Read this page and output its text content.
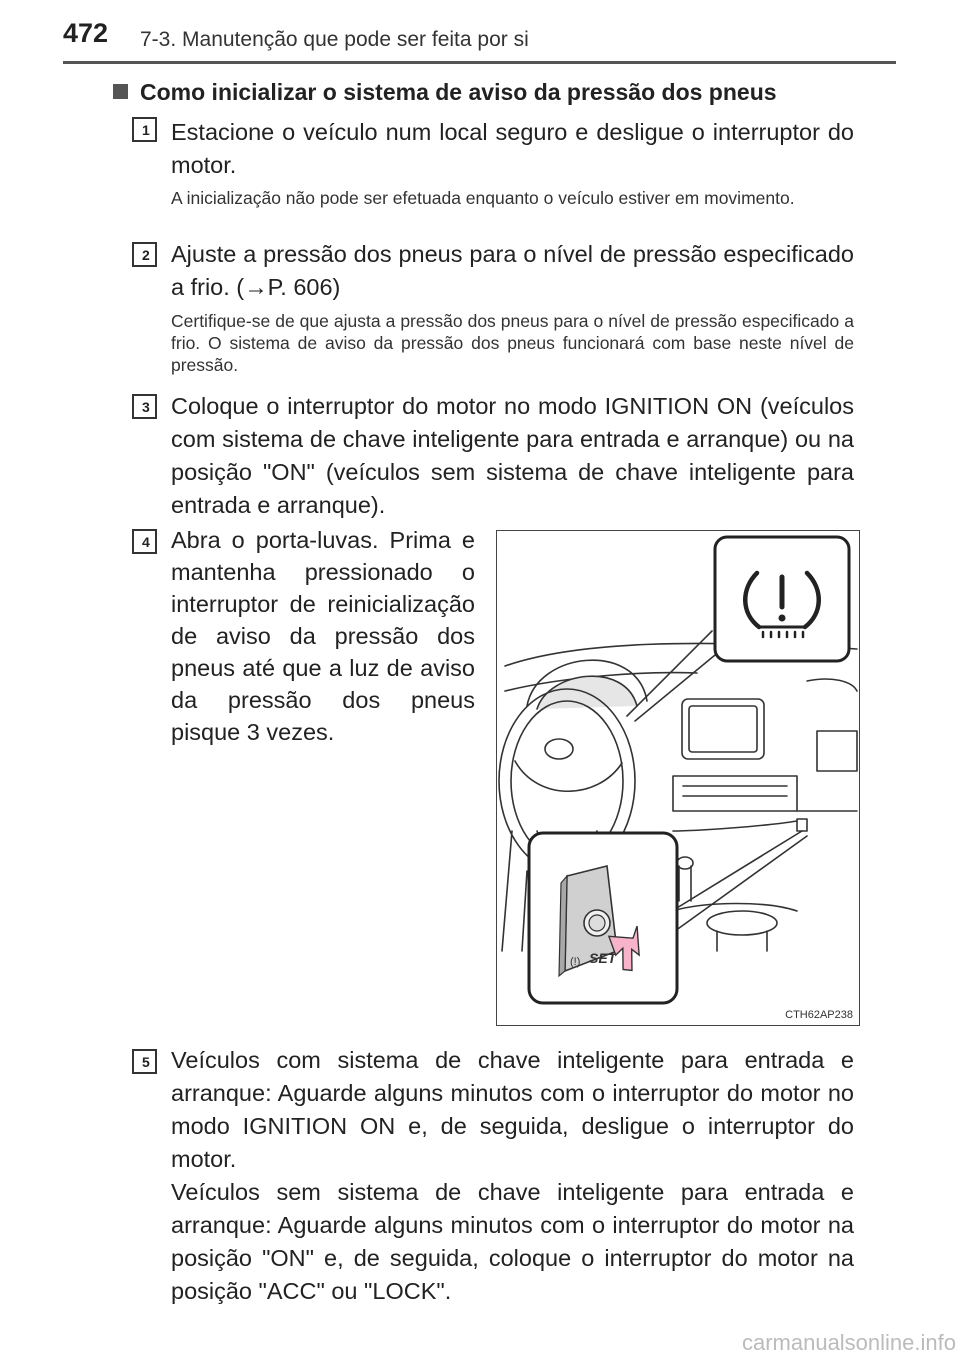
472 7-3. Manutenção que pode ser feita por si
Como inicializar o sistema de aviso da pressão dos pneus
1 Estacione o veículo num local seguro e desligue o interruptor do motor.
A inicialização não pode ser efetuada enquanto o veículo estiver em movimento.
2 Ajuste a pressão dos pneus para o nível de pressão especificado a frio. (→P. 606)
Certifique-se de que ajusta a pressão dos pneus para o nível de pressão especificado a frio. O sistema de aviso da pressão dos pneus funcionará com base neste nível de pressão.
3 Coloque o interruptor do motor no modo IGNITION ON (veículos com sistema de chave inteligente para entrada e arranque) ou na posição "ON" (veículos sem sistema de chave inteligente para entrada e arranque).
4 Abra o porta-luvas. Prima e mantenha pressionado o interruptor de reinicialização de aviso da pressão dos pneus até que a luz de aviso da pressão dos pneus pisque 3 vezes.
SET
(!)
CTH62AP238
5 Veículos com sistema de chave inteligente para entrada e arranque: Aguarde alguns minutos com o interruptor do motor no modo IGNITION ON e, de seguida, desligue o interruptor do motor.
Veículos sem sistema de chave inteligente para entrada e arranque: Aguarde alguns minutos com o interruptor do motor na posição "ON" e, de seguida, coloque o interruptor do motor na posição "ACC" ou "LOCK".
carmanualsonline.info
